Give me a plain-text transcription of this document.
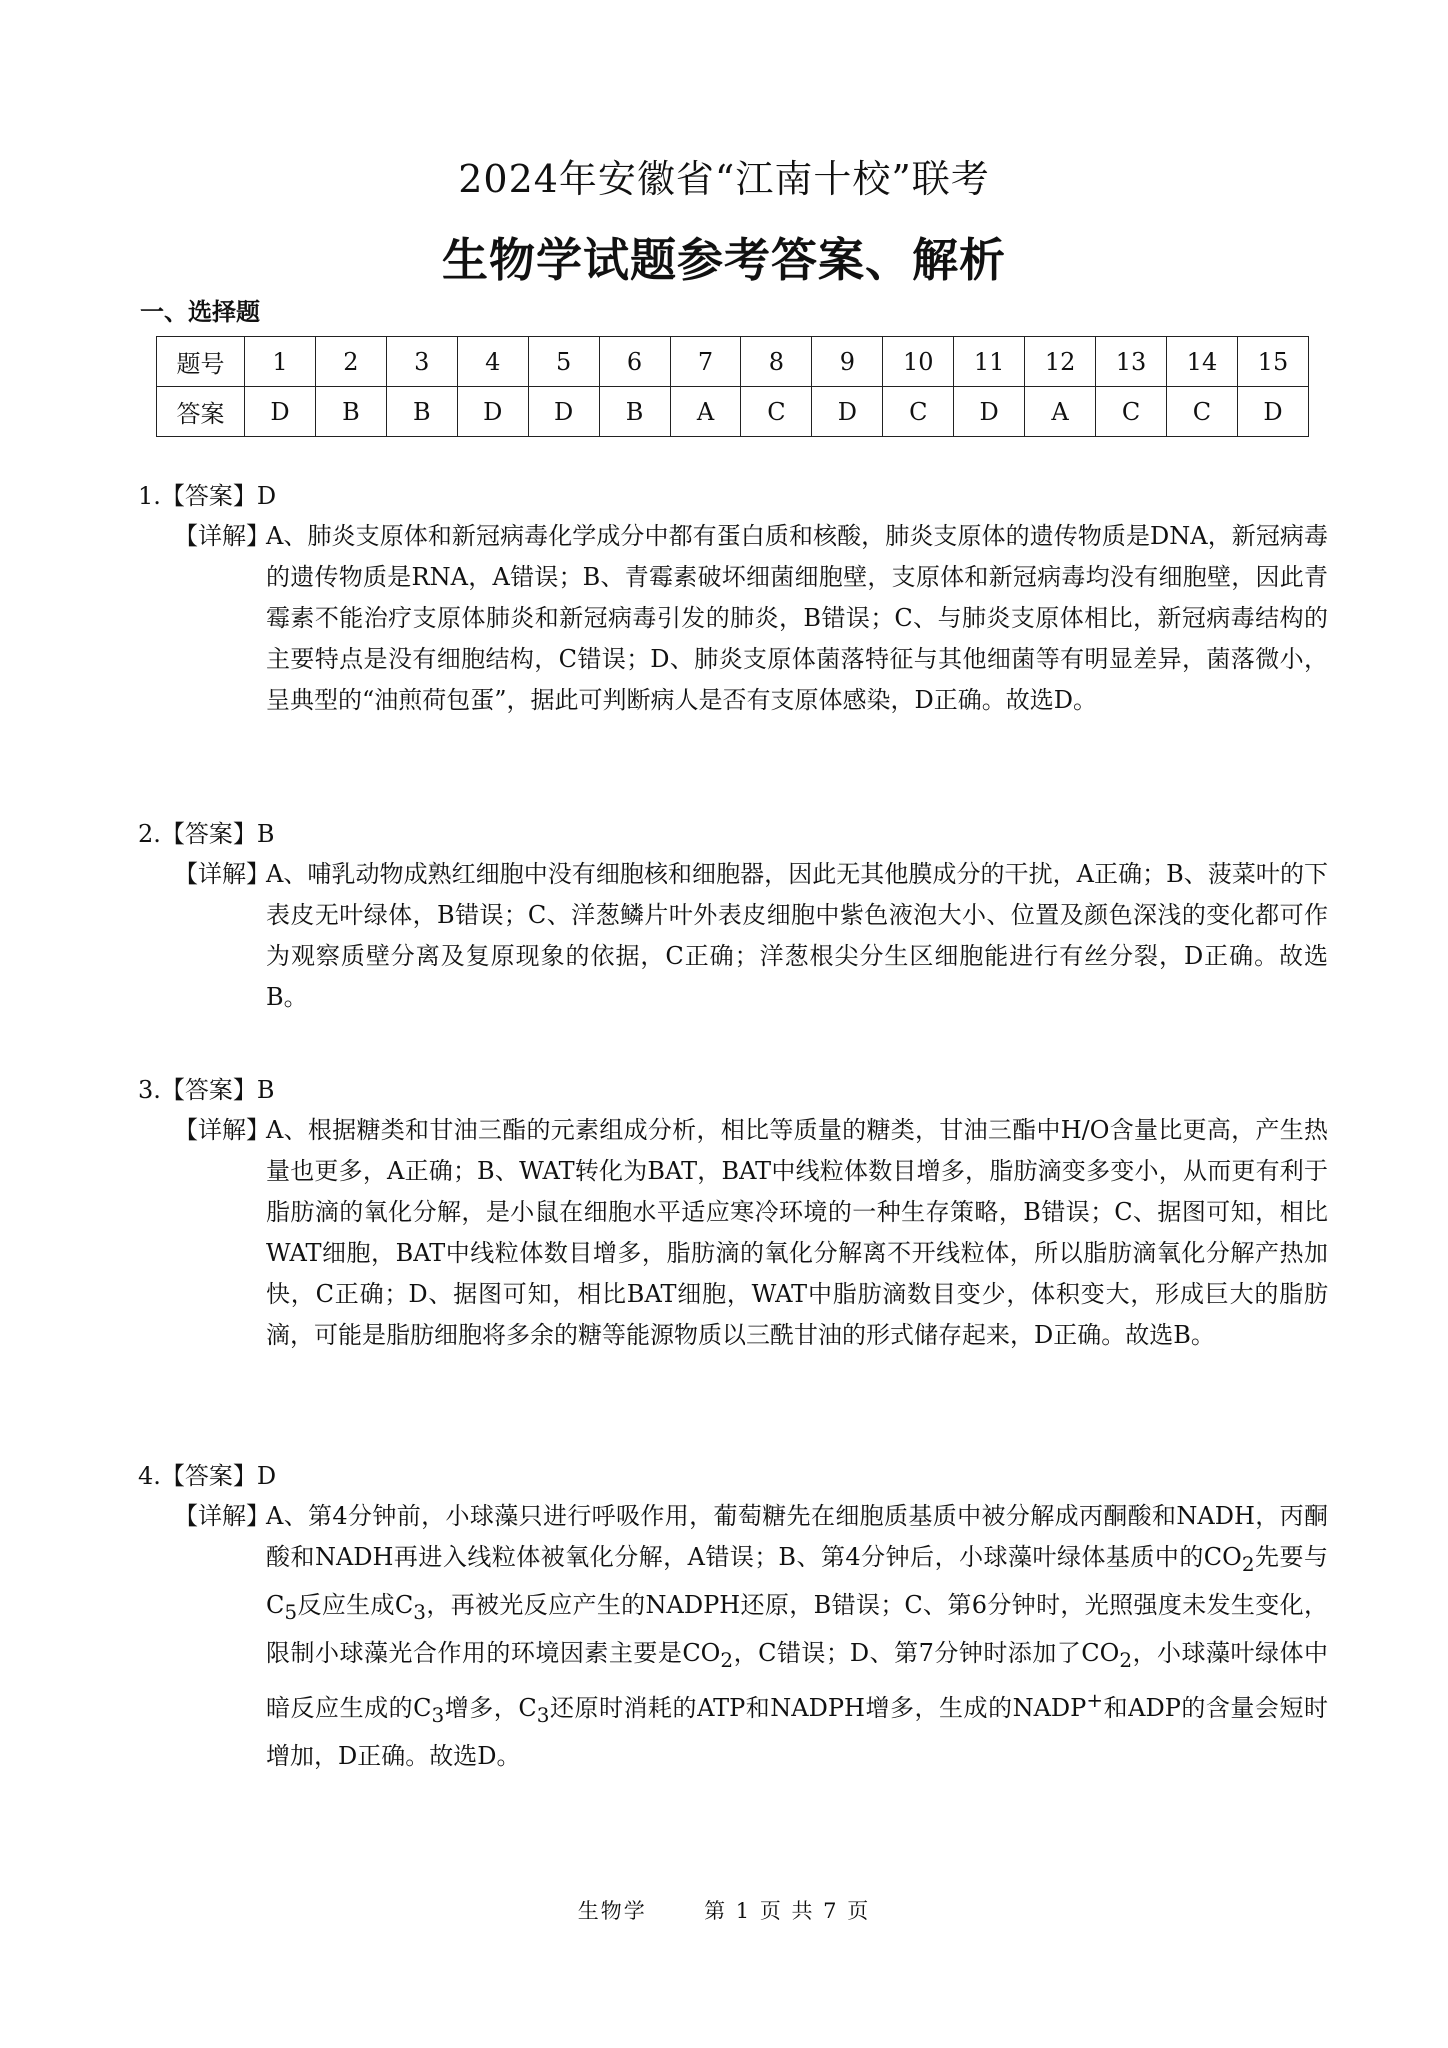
2024年安徽省“江南十校”联考
生物学试题参考答案、解析
一、选择题
题号	1	2	3	4	5	6	7	8	9	10	11	12	13	14	15
答案	D	B	B	D	D	B	A	C	D	C	D	A	C	C	D
1.【答案】D
【详解】
A、肺炎支原体和新冠病毒化学成分中都有蛋白质和核酸，肺炎支原体的遗传物质是DNA，新冠病毒的遗传物质是RNA，A错误；B、青霉素破坏细菌细胞壁，支原体和新冠病毒均没有细胞壁，因此青霉素不能治疗支原体肺炎和新冠病毒引发的肺炎，B错误；C、与肺炎支原体相比，新冠病毒结构的主要特点是没有细胞结构，C错误；D、肺炎支原体菌落特征与其他细菌等有明显差异，菌落微小，呈典型的“油煎荷包蛋”，据此可判断病人是否有支原体感染，D正确。故选D。
2.【答案】B
【详解】
A、哺乳动物成熟红细胞中没有细胞核和细胞器，因此无其他膜成分的干扰，A正确；B、菠菜叶的下表皮无叶绿体，B错误；C、洋葱鳞片叶外表皮细胞中紫色液泡大小、位置及颜色深浅的变化都可作为观察质壁分离及复原现象的依据，C正确；洋葱根尖分生区细胞能进行有丝分裂，D正确。故选B。
3.【答案】B
【详解】
A、根据糖类和甘油三酯的元素组成分析，相比等质量的糖类，甘油三酯中H/O含量比更高，产生热量也更多，A正确；B、WAT转化为BAT，BAT中线粒体数目增多，脂肪滴变多变小，从而更有利于脂肪滴的氧化分解，是小鼠在细胞水平适应寒冷环境的一种生存策略，B错误；C、据图可知，相比WAT细胞，BAT中线粒体数目增多，脂肪滴的氧化分解离不开线粒体，所以脂肪滴氧化分解产热加快，C正确；D、据图可知，相比BAT细胞，WAT中脂肪滴数目变少，体积变大，形成巨大的脂肪滴，可能是脂肪细胞将多余的糖等能源物质以三酰甘油的形式储存起来，D正确。故选B。
4.【答案】D
【详解】
A、第4分钟前，小球藻只进行呼吸作用，葡萄糖先在细胞质基质中被分解成丙酮酸和NADH，丙酮酸和NADH再进入线粒体被氧化分解，A错误；B、第4分钟后，小球藻叶绿体基质中的$CO_2$先要与$C_5$反应生成$C_3$，再被光反应产生的NADPH还原，B错误；C、第6分钟时，光照强度未发生变化，限制小球藻光合作用的环境因素主要是$CO_2$，C错误；D、第7分钟时添加了$CO_2$，小球藻叶绿体中暗反应生成的$C_3$增多，$C_3$还原时消耗的ATP和NADPH增多，生成的NADP+和ADP的含量会短时增加，D正确。故选D。
生物学	第 1 页 共 7 页
